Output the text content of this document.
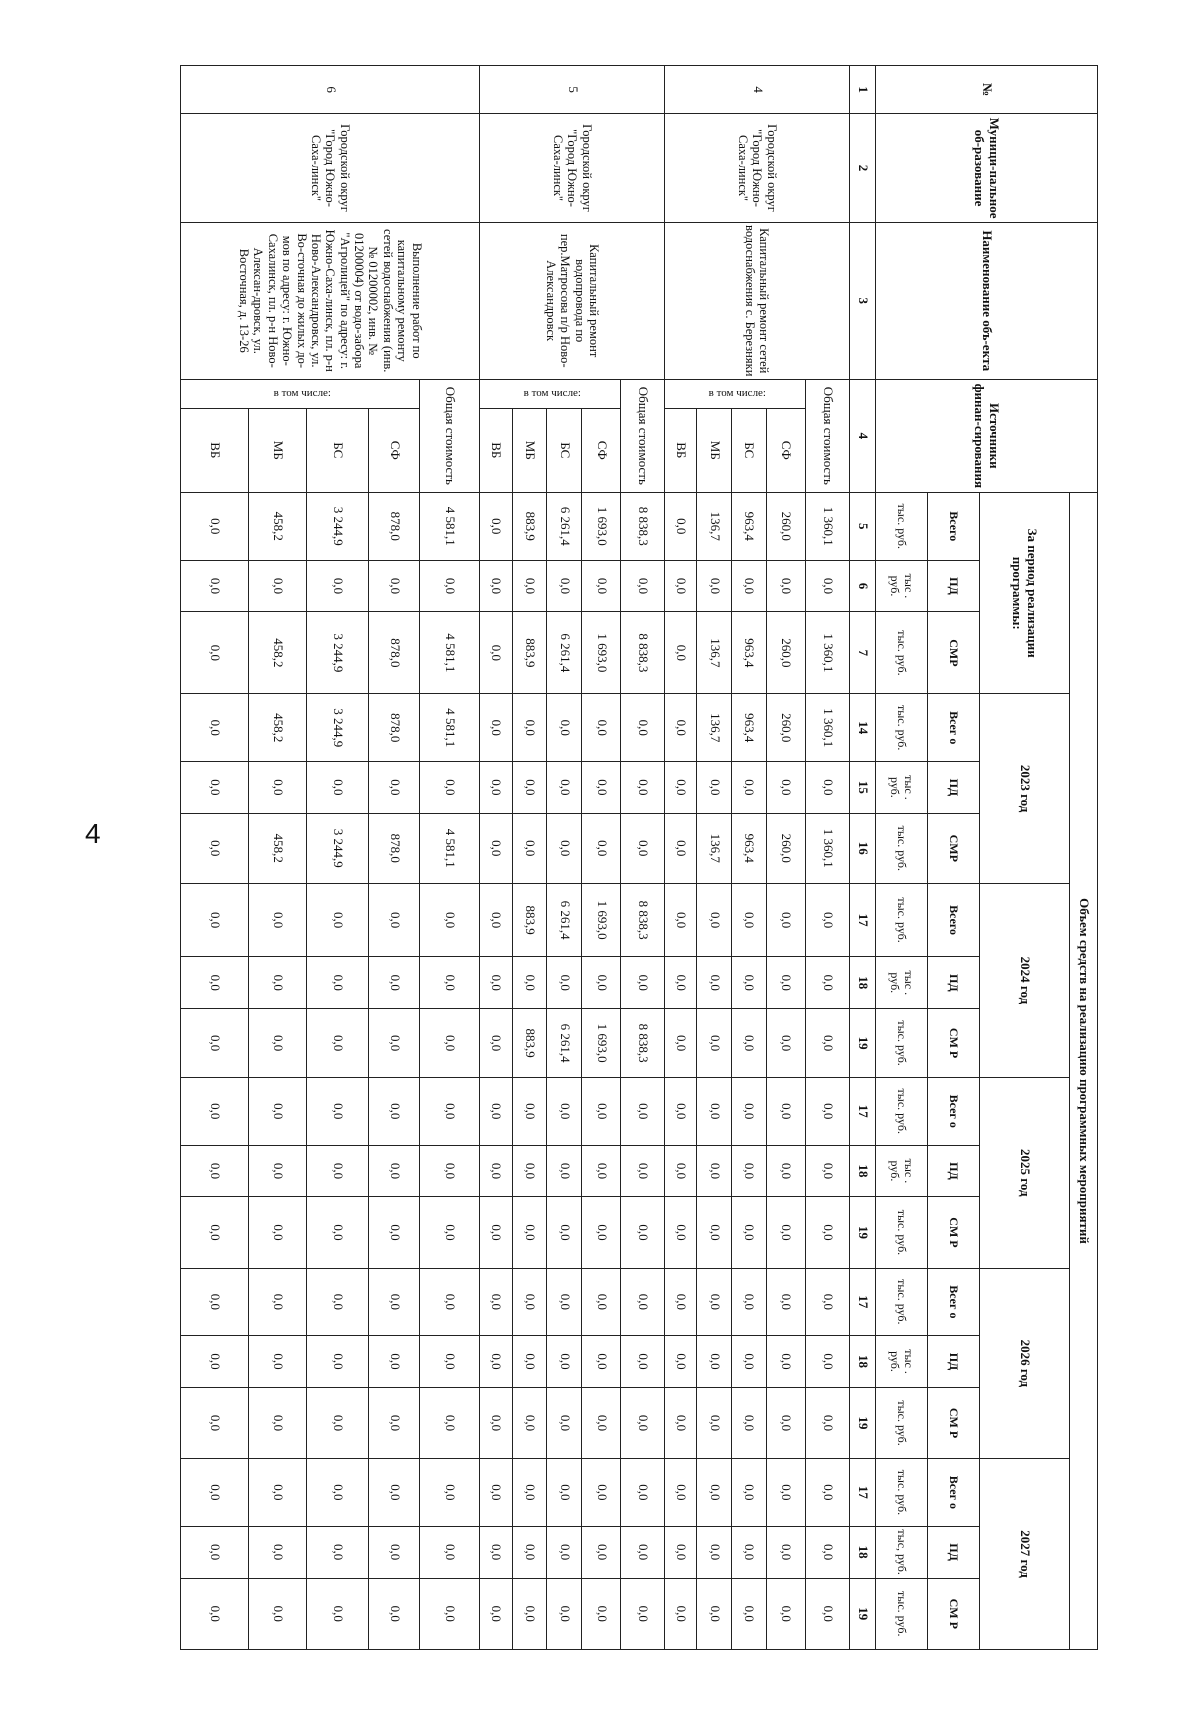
4
№	Муници-пальное об-разование	Наименование объ-екта	Источники финан-сирования		Объем средств на реализацию программных мероприятий																	
					За период реализации программы:			2023 год			2024 год			2025 год			2026 год			2027 год		
					Всего	ПД	СМР	Всег о	ПД	СМР	Всего	ПД	СМ Р	Всег о	ПД	СМ Р	Всег о	ПД	СМ Р	Всег о	ПД	СМ Р
					тыс. руб.	тыс . руб.	тыс. руб.	тыс. руб.	тыс . руб.	тыс. руб.	тыс. руб.	тыс . руб.	тыс. руб.	тыс. руб.	тыс . руб.	тыс. руб.	тыс. руб.	тыс . руб.	тыс. руб.	тыс. руб.	тыс, руб.	тыс. руб.
1	2	3	4		5	6	7	14	15	16	17	18	19	17	18	19	17	18	19	17	18	19
4	Городской округ "Город Южно-Саха-линск"	Капитальный ремонт сетей водоснабжения с. Березняки	Общая стоимость		1 360,1	0,0	1 360,1	1 360,1	0,0	1 360,1	0,0	0,0	0,0	0,0	0,0	0,0	0,0	0,0	0,0	0,0	0,0	0,0
			в том числе:	СФ	260,0	0,0	260,0	260,0	0,0	260,0	0,0	0,0	0,0	0,0	0,0	0,0	0,0	0,0	0,0	0,0	0,0	0,0
				БС	963,4	0,0	963,4	963,4	0,0	963,4	0,0	0,0	0,0	0,0	0,0	0,0	0,0	0,0	0,0	0,0	0,0	0,0
				МБ	136,7	0,0	136,7	136,7	0,0	136,7	0,0	0,0	0,0	0,0	0,0	0,0	0,0	0,0	0,0	0,0	0,0	0,0
				ВБ	0,0	0,0	0,0	0,0	0,0	0,0	0,0	0,0	0,0	0,0	0,0	0,0	0,0	0,0	0,0	0,0	0,0	0,0
5	Городской округ "Город Южно-Саха-линск"	Капитальный ремонт водопровода по пер.Матросова п/р Ново-Александровск	Общая стоимость		8 838,3	0,0	8 838,3	0,0	0,0	0,0	8 838,3	0,0	8 838,3	0,0	0,0	0,0	0,0	0,0	0,0	0,0	0,0	0,0
			в том числе:	СФ	1 693,0	0,0	1 693,0	0,0	0,0	0,0	1 693,0	0,0	1 693,0	0,0	0,0	0,0	0,0	0,0	0,0	0,0	0,0	0,0
				БС	6 261,4	0,0	6 261,4	0,0	0,0	0,0	6 261,4	0,0	6 261,4	0,0	0,0	0,0	0,0	0,0	0,0	0,0	0,0	0,0
				МБ	883,9	0,0	883,9	0,0	0,0	0,0	883,9	0,0	883,9	0,0	0,0	0,0	0,0	0,0	0,0	0,0	0,0	0,0
				ВБ	0,0	0,0	0,0	0,0	0,0	0,0	0,0	0,0	0,0	0,0	0,0	0,0	0,0	0,0	0,0	0,0	0,0	0,0
6	Городской округ "Город Южно-Саха-линск"	Выполнение работ по капитальному ремонту сетей водоснабжения (инв. № 01200002, инв. № 01200004) от водо-забора "Агролицей" по адресу: г. Южно-Саха-линск, пл. р-н Ново-Александровск, ул. Во-сточная до жилых до-мов по адресу: г. Южно-Сахалинск, пл. р-н Ново-Алексан-дровск, ул. Восточная, д. 13-26	Общая стоимость		4 581,1	0,0	4 581,1	4 581,1	0,0	4 581,1	0,0	0,0	0,0	0,0	0,0	0,0	0,0	0,0	0,0	0,0	0,0	0,0
			в том числе:	СФ	878,0	0,0	878,0	878,0	0,0	878,0	0,0	0,0	0,0	0,0	0,0	0,0	0,0	0,0	0,0	0,0	0,0	0,0
				БС	3 244,9	0,0	3 244,9	3 244,9	0,0	3 244,9	0,0	0,0	0,0	0,0	0,0	0,0	0,0	0,0	0,0	0,0	0,0	0,0
				МБ	458,2	0,0	458,2	458,2	0,0	458,2	0,0	0,0	0,0	0,0	0,0	0,0	0,0	0,0	0,0	0,0	0,0	0,0
				ВБ	0,0	0,0	0,0	0,0	0,0	0,0	0,0	0,0	0,0	0,0	0,0	0,0	0,0	0,0	0,0	0,0	0,0	0,0
